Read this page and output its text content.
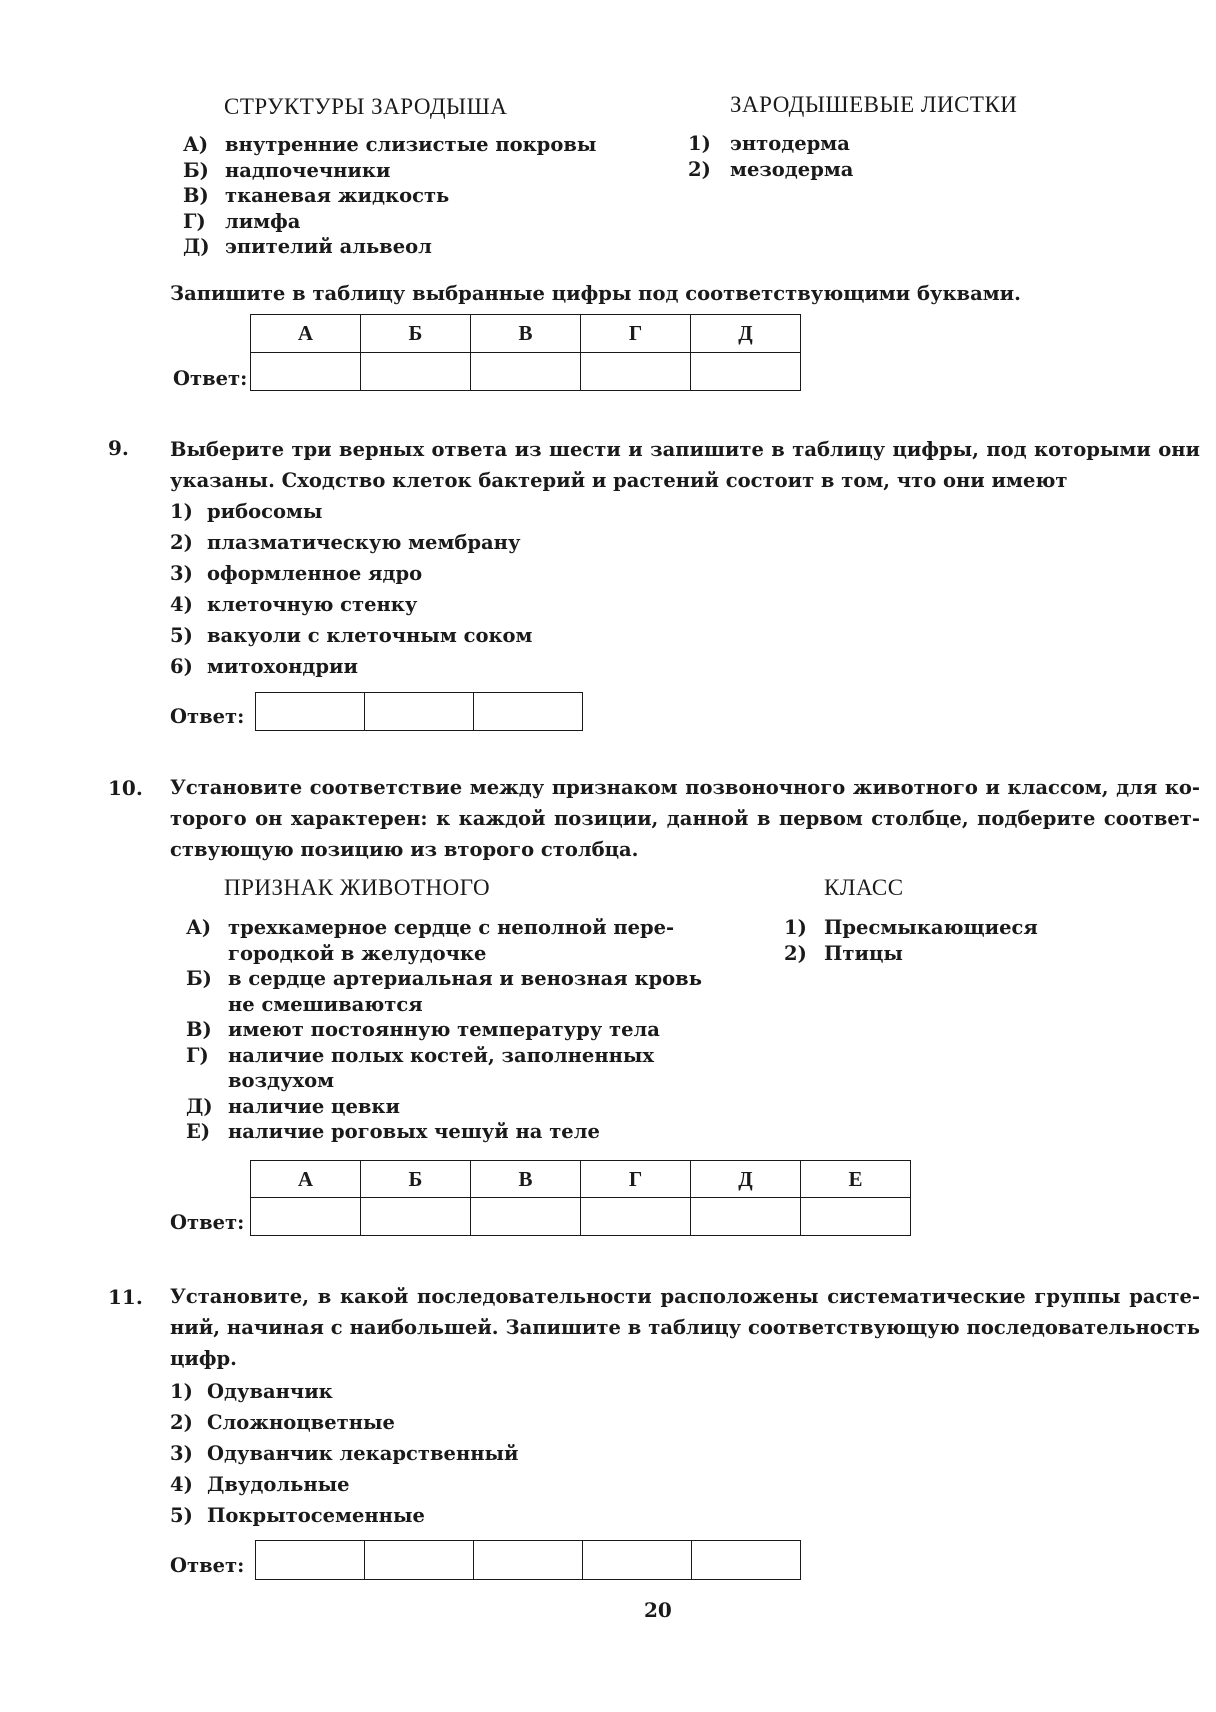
СТРУКТУРЫ ЗАРОДЫША	ЗАРОДЫШЕВЫЕ ЛИСТКИ
А) внутренние слизистые покровы
Б) надпочечники
В) тканевая жидкость
Г) лимфа
Д) эпителий альвеол
1) энтодерма
2) мезодерма
Запишите в таблицу выбранные цифры под соответствующими буквами.
Ответ:
А	Б	В	Г	Д

9. Выберите три верных ответа из шести и запишите в таблицу цифры, под которыми они
указаны. Сходство клеток бактерий и растений состоит в том, что они имеют
1) рибосомы
2) плазматическую мембрану
3) оформленное ядро
4) клеточную стенку
5) вакуоли с клеточным соком
6) митохондрии
Ответ:
10. Установите соответствие между признаком позвоночного животного и классом, для ко-
торого он характерен: к каждой позиции, данной в первом столбце, подберите соответ-
ствующую позицию из второго столбца.
ПРИЗНАК ЖИВОТНОГО	КЛАСС
А) трехкамерное сердце с неполной пере-
городкой в желудочке
Б) в сердце артериальная и венозная кровь
не смешиваются
В) имеют постоянную температуру тела
Г) наличие полых костей, заполненных
воздухом
Д) наличие цевки
Е) наличие роговых чешуй на теле
1) Пресмыкающиеся
2) Птицы
Ответ:
А	Б	В	Г	Д	Е

11. Установите, в какой последовательности расположены систематические группы расте-
ний, начиная с наибольшей. Запишите в таблицу соответствующую последовательность
цифр.
1) Одуванчик
2) Сложноцветные
3) Одуванчик лекарственный
4) Двудольные
5) Покрытосеменные
Ответ:
20
